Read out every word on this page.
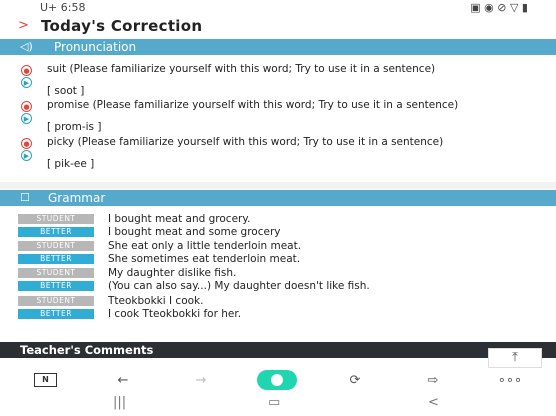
U+ 6:58	▣ ◉ ⊘ ▽ ▮
> Today's Correction
◁) Pronunciation
●
▶
suit (Please familiarize yourself with this word; Try to use it in a sentence)
[ soot ]
●
▶
promise (Please familiarize yourself with this word; Try to use it in a sentence)
[ prom-is ]
●
▶
picky (Please familiarize yourself with this word; Try to use it in a sentence)
[ pik-ee ]
☐ Grammar
STUDENT	I bought meat and grocery.
BETTER	I bought meat and some grocery
STUDENT	She eat only a little tenderloin meat.
BETTER	She sometimes eat tenderloin meat.
STUDENT	My daughter dislike fish.
BETTER	(You can also say...) My daughter doesn't like fish.
STUDENT	Tteokbokki I cook.
BETTER	I cook Tteokbokki for her.
Teacher's Comments	⤒
N	←	→	⟳	⇨	∘∘∘
|||	▭	<
